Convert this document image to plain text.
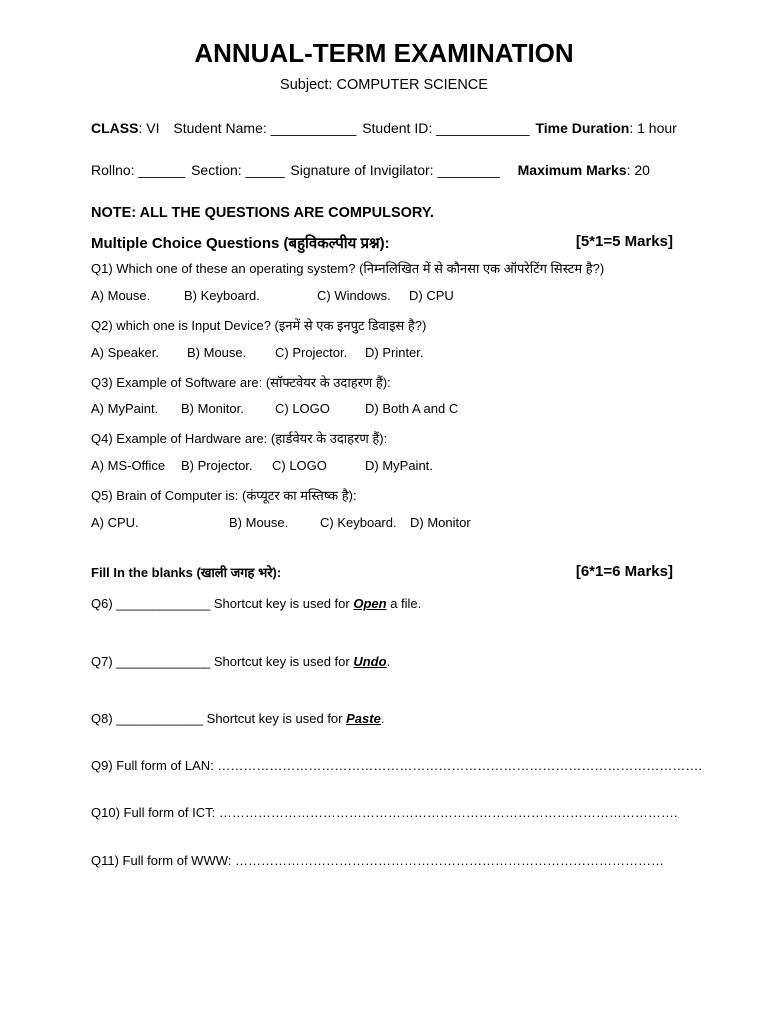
ANNUAL-TERM EXAMINATION
Subject: COMPUTER SCIENCE
CLASS: VI Student Name: ___________ Student ID: ____________ Time Duration: 1 hour
Rollno: ______ Section: _____ Signature of Invigilator: ________ Maximum Marks: 20
NOTE: ALL THE QUESTIONS ARE COMPULSORY.
Multiple Choice Questions (बहुविकल्पीय प्रश्न):	[5*1=5 Marks]
Q1) Which one of these an operating system? (निम्नलिखित में से कौनसा एक ऑपरेटिंग सिस्टम है?)
A) Mouse.	B) Keyboard.	C) Windows. D) CPU
Q2) which one is Input Device? (इनमें से एक इनपुट डिवाइस है?)
A) Speaker. B) Mouse. C) Projector. D) Printer.
Q3) Example of Software are: (सॉफ्टवेयर के उदाहरण हैं):
A) MyPaint. B) Monitor. C) LOGO	D) Both A and C
Q4) Example of Hardware are: (हार्डवेयर के उदाहरण हैं):
A) MS-Office B) Projector. C) LOGO	D) MyPaint.
Q5) Brain of Computer is: (कंप्यूटर का मस्तिष्क है):
A) CPU.	B) Mouse. C) Keyboard. D) Monitor
Fill In the blanks (खाली जगह भरे):	[6*1=6 Marks]
Q6) _____________ Shortcut key is used for Open a file.
Q7) _____________ Shortcut key is used for Undo.
Q8) ____________ Shortcut key is used for Paste.
Q9) Full form of LAN: ………………………………………………………………………………………………….
Q10) Full form of ICT: …………………………………………………………………………………………….
Q11) Full form of WWW: ………………………………………………………………………………………
